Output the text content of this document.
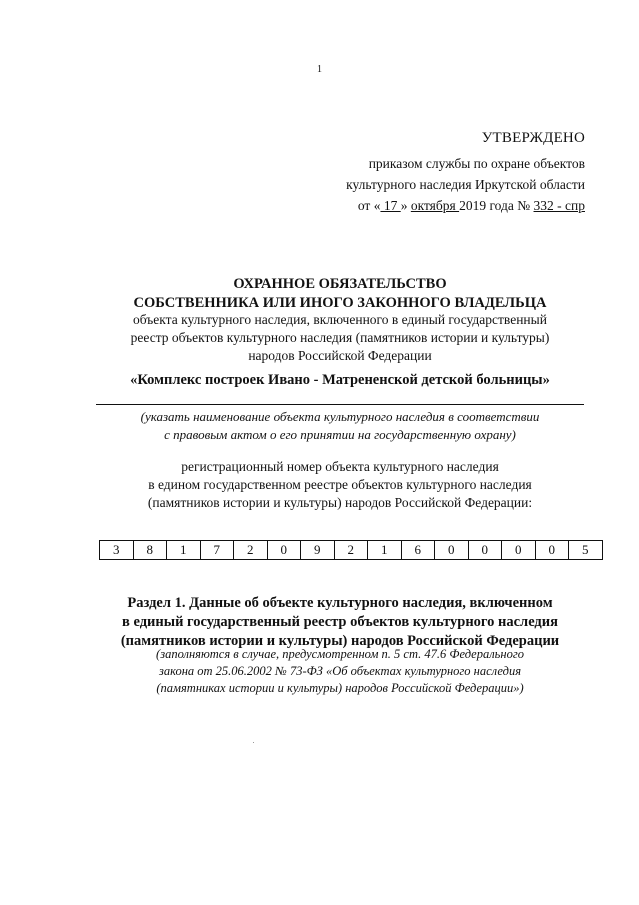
1
УТВЕРЖДЕНО
приказом службы по охране объектов
культурного наследия Иркутской области
от « 17 » октября 2019 года № 332 - спр
ОХРАННОЕ ОБЯЗАТЕЛЬСТВО
СОБСТВЕННИКА ИЛИ ИНОГО ЗАКОННОГО ВЛАДЕЛЬЦА
объекта культурного наследия, включенного в единый государственный
реестр объектов культурного наследия (памятников истории и культуры)
народов Российской Федерации
«Комплекс построек Ивано - Матрененской детской больницы»
(указать наименование объекта культурного наследия в соответствии
с правовым актом о его принятии на государственную охрану)
регистрационный номер объекта культурного наследия
в едином государственном реестре объектов культурного наследия
(памятников истории и культуры) народов Российской Федерации:
3	8	1	7	2	0	9	2	1	6	0	0	0	0	5
Раздел 1. Данные об объекте культурного наследия, включенном
в единый государственный реестр объектов культурного наследия
(памятников истории и культуры) народов Российской Федерации
(заполняются в случае, предусмотренном п. 5 ст. 47.6 Федерального
закона от 25.06.2002 № 73-ФЗ «Об объектах культурного наследия
(памятниках истории и культуры) народов Российской Федерации»)
